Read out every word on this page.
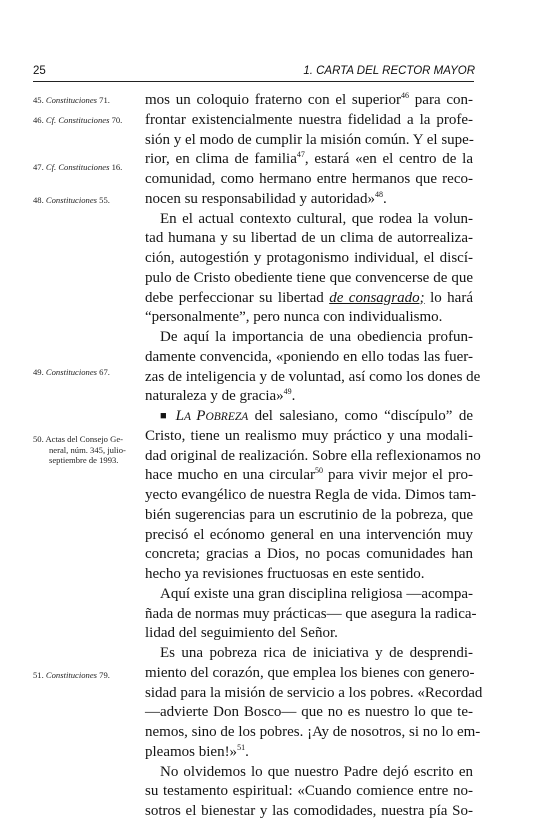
25	1. CARTA DEL RECTOR MAYOR
45. Constituciones 71.
46. Cf. Constituciones 70.
47. Cf. Constituciones 16.
48. Constituciones 55.
49. Constituciones 67.
50. Actas del Consejo Ge-
neral, núm. 345, julio-
septiembre de 1993.
51. Constituciones 79.
mos un coloquio fraterno con el superior$^{46}$ para con-
frontar existencialmente nuestra fidelidad a la profe-
sión y el modo de cumplir la misión común. Y el supe-
rior, en clima de familia$^{47}$, estará «en el centro de la
comunidad, como hermano entre hermanos que reco-
nocen su responsabilidad y autoridad»$^{48}$.
En el actual contexto cultural, que rodea la volun-
tad humana y su libertad de un clima de autorrealiza-
ción, autogestión y protagonismo individual, el discí-
pulo de Cristo obediente tiene que convencerse de que
debe perfeccionar su libertad de consagrado; lo hará
“personalmente”, pero nunca con individualismo.
De aquí la importancia de una obediencia profun-
damente convencida, «poniendo en ello todas las fuer-
zas de inteligencia y de voluntad, así como los dones de
naturaleza y de gracia»$^{49}$.
■ LA POBREZA del salesiano, como “discípulo” de
Cristo, tiene un realismo muy práctico y una modali-
dad original de realización. Sobre ella reflexionamos no
hace mucho en una circular$^{50}$ para vivir mejor el pro-
yecto evangélico de nuestra Regla de vida. Dimos tam-
bién sugerencias para un escrutinio de la pobreza, que
precisó el ecónomo general en una intervención muy
concreta; gracias a Dios, no pocas comunidades han
hecho ya revisiones fructuosas en este sentido.
Aquí existe una gran disciplina religiosa —acompa-
ñada de normas muy prácticas— que asegura la radica-
lidad del seguimiento del Señor.
Es una pobreza rica de iniciativa y de desprendi-
miento del corazón, que emplea los bienes con genero-
sidad para la misión de servicio a los pobres. «Recordad
—advierte Don Bosco— que no es nuestro lo que te-
nemos, sino de los pobres. ¡Ay de nosotros, si no lo em-
pleamos bien!»$^{51}$.
No olvidemos lo que nuestro Padre dejó escrito en
su testamento espiritual: «Cuando comience entre no-
sotros el bienestar y las comodidades, nuestra pía So-
